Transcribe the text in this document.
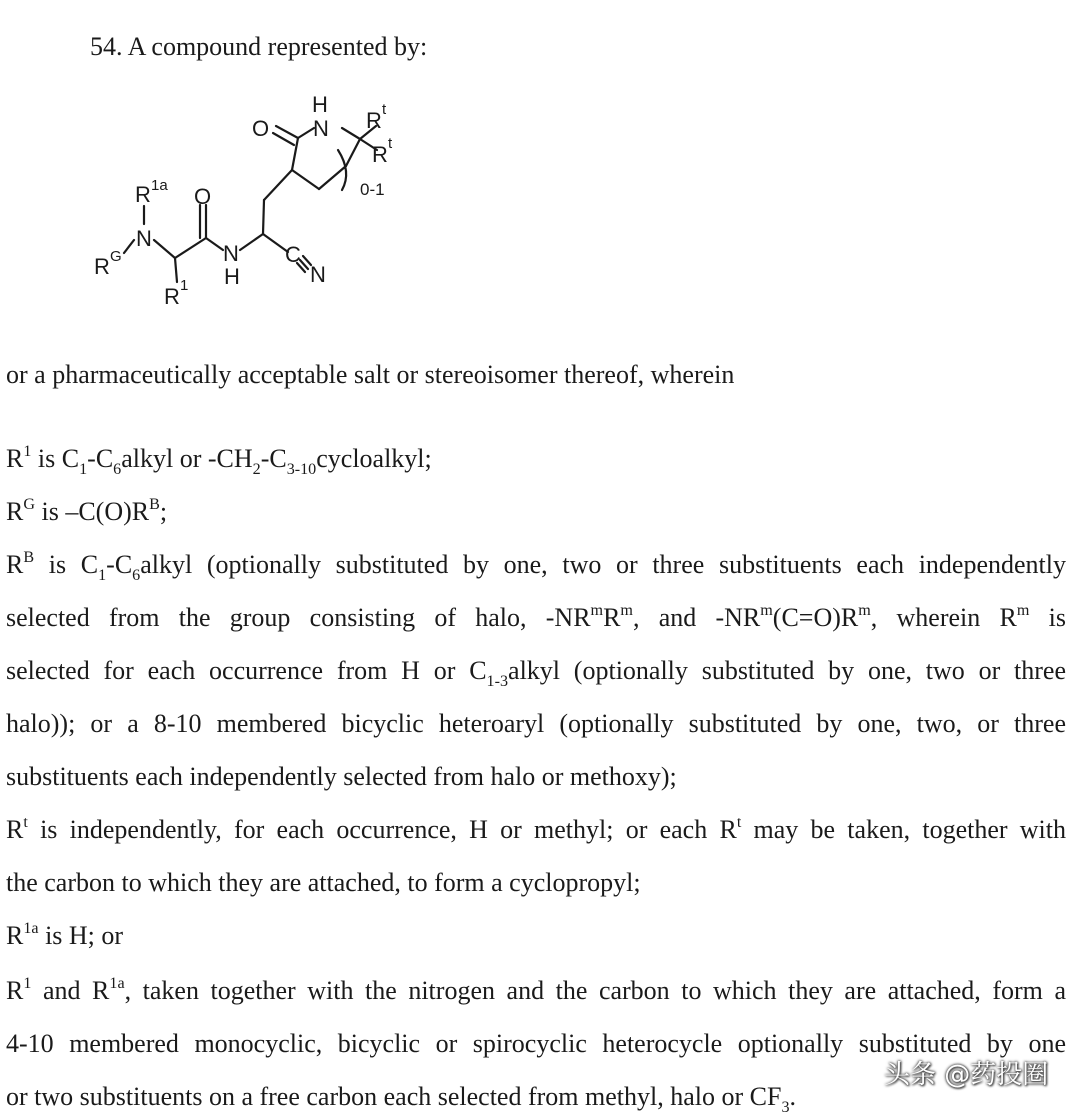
54. A compound represented by:

H
N
O	R t
R t
0-1
R 1a O
N
R G	N
H
R 1
C
N

or a pharmaceutically acceptable salt or stereoisomer thereof, wherein

$R^1$ is $C_1-C_6alkyl$ or $-CH_2-C_{3-10}cycloalkyl$;

$R^G$ is $-C(O)R^B$;

$R^B$ is $C_1-C_6alkyl$ (optionally substituted by one, two or three substituents each independently

selected from the group consisting of halo, $-NR^mR^m$, and $-NR^m(C=O)R^m$, wherein $R^m$ is

selected for each occurrence from H or $C_{1-3}alkyl$ (optionally substituted by one, two or three

halo)); or a 8-10 membered bicyclic heteroaryl (optionally substituted by one, two, or three

substituents each independently selected from halo or methoxy);

$R^t$ is independently, for each occurrence, H or methyl; or each $R^t$ may be taken, together with

the carbon to which they are attached, to form a cyclopropyl;

$R^{1a}$ is H; or

$R^1$ and $R^{1a}$, taken together with the nitrogen and the carbon to which they are attached, form a

4-10 membered monocyclic, bicyclic or spirocyclic heterocycle optionally substituted by one

or two substituents on a free carbon each selected from methyl, halo or $CF_3$.

头条 @药投圈
